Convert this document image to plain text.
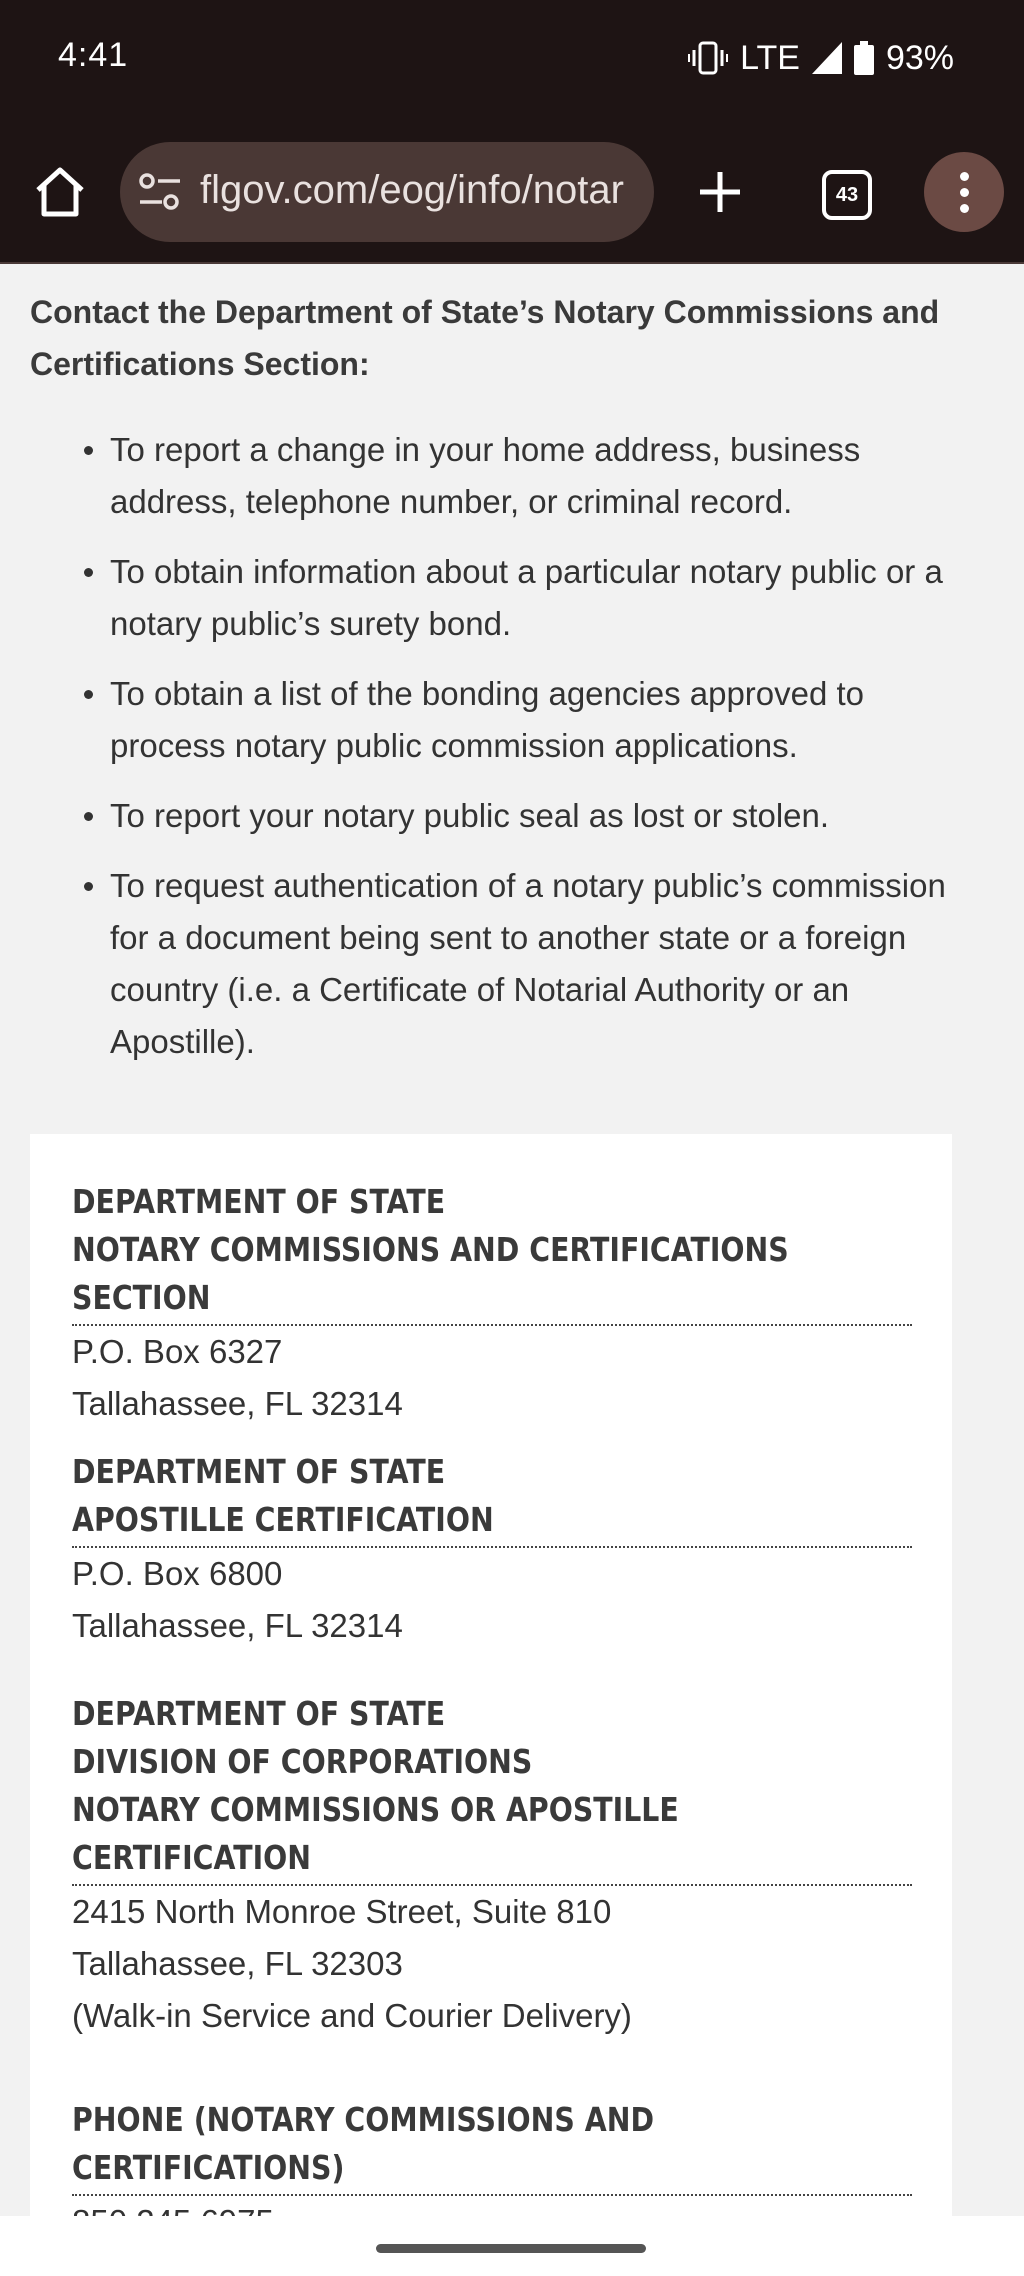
4:41	LTE	93%
flgov.com/eog/info/notar	43
Contact the Department of State’s Notary Commissions and Certifications Section:
To report a change in your home address, business address, telephone number, or criminal record.
To obtain information about a particular notary public or a notary public’s surety bond.
To obtain a list of the bonding agencies approved to process notary public commission applications.
To report your notary public seal as lost or stolen.
To request authentication of a notary public’s commission for a document being sent to another state or a foreign country (i.e. a Certificate of Notarial Authority or an Apostille).
DEPARTMENT OF STATE
NOTARY COMMISSIONS AND CERTIFICATIONS
SECTION
P.O. Box 6327
Tallahassee, FL 32314
DEPARTMENT OF STATE
APOSTILLE CERTIFICATION
P.O. Box 6800
Tallahassee, FL 32314
DEPARTMENT OF STATE
DIVISION OF CORPORATIONS
NOTARY COMMISSIONS OR APOSTILLE
CERTIFICATION
2415 North Monroe Street, Suite 810
Tallahassee, FL 32303
(Walk-in Service and Courier Delivery)
PHONE (NOTARY COMMISSIONS AND
CERTIFICATIONS)
